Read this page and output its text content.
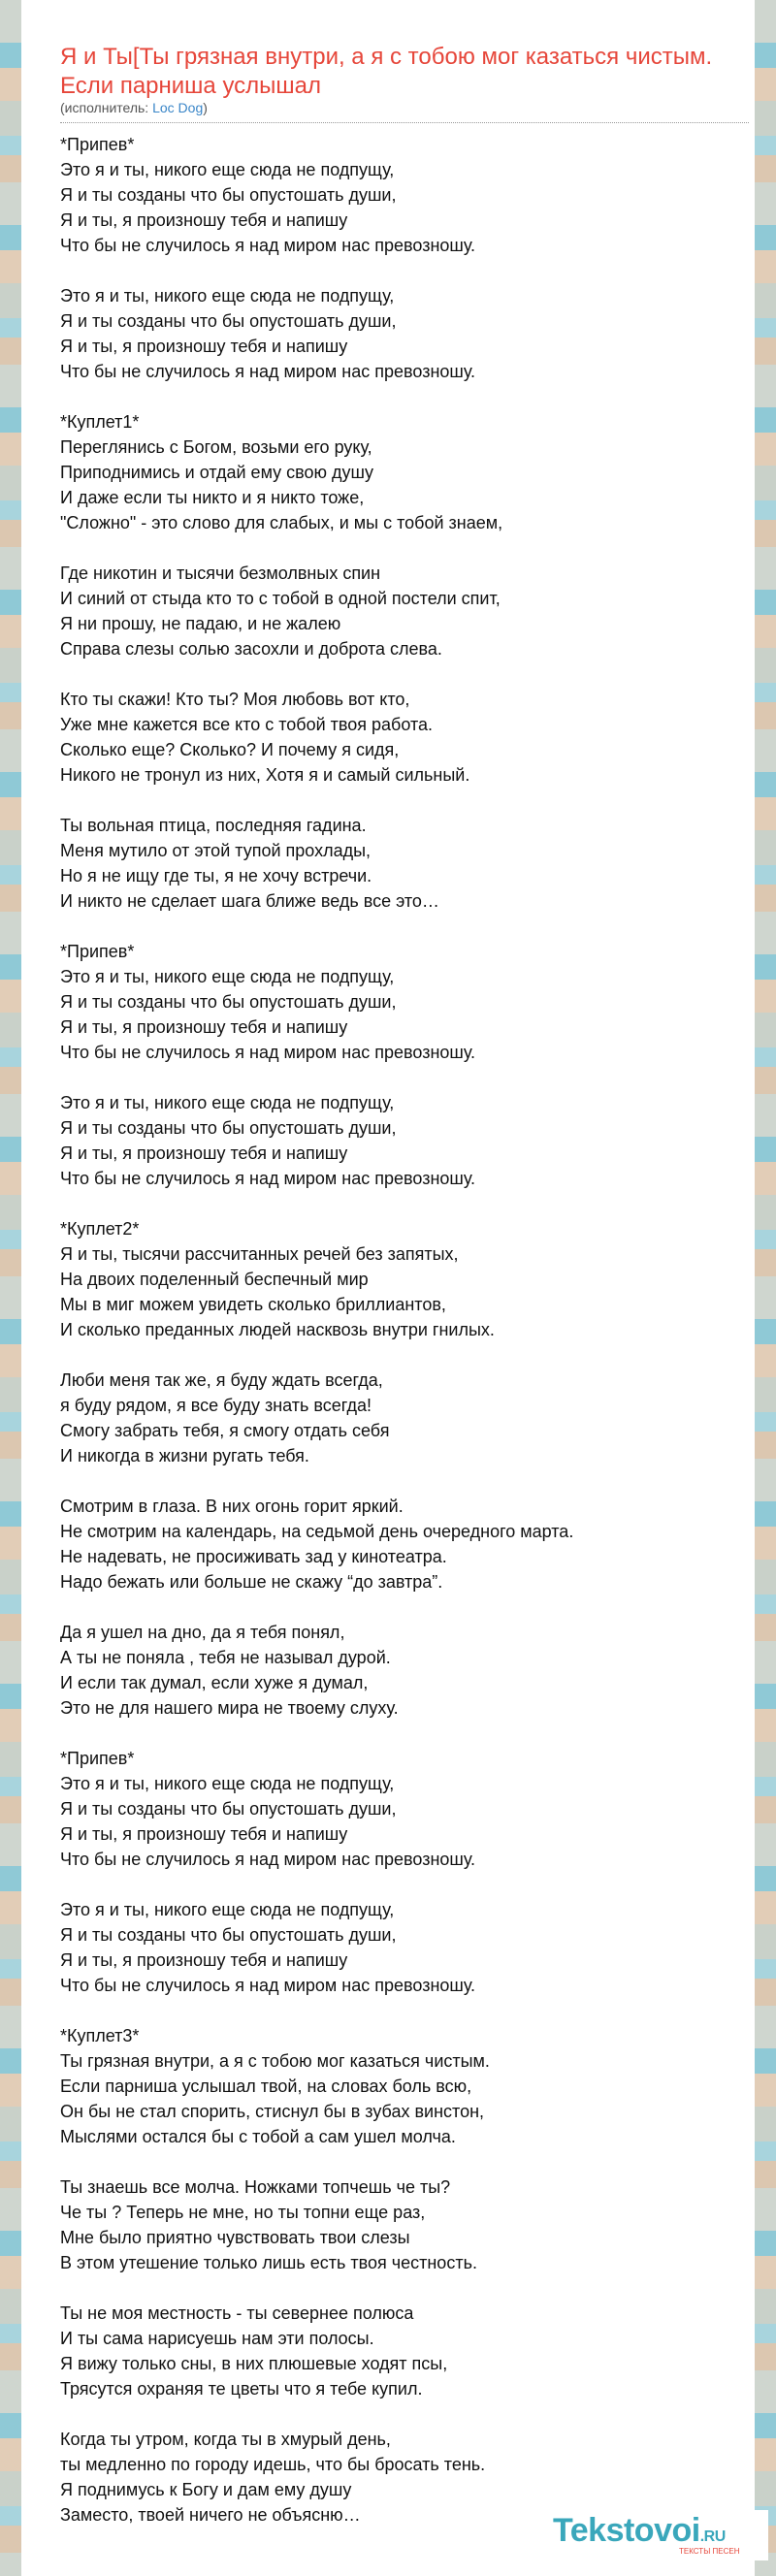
Я и Ты[Ты грязная внутри, а я с тобою мог казаться чистым. Если парниша услышал
(исполнитель: Loc Dog)
*Припев*
Это я и ты, никого еще сюда не подпущу,
Я и ты созданы что бы опустошать души,
Я и ты, я произношу тебя и напишу
Что бы не случилось я над миром нас превозношу.
Это я и ты, никого еще сюда не подпущу,
Я и ты созданы что бы опустошать души,
Я и ты, я произношу тебя и напишу
Что бы не случилось я над миром нас превозношу.
*Куплет1*
Переглянись с Богом, возьми его руку,
Приподнимись и отдай ему свою душу
И даже если ты никто и я никто тоже,
"Сложно" - это слово для слабых, и мы с тобой знаем,
Где никотин и тысячи безмолвных спин
И синий от стыда кто то с тобой в одной постели спит,
Я ни прошу, не падаю, и не жалею
Справа слезы солью засохли и доброта слева.
Кто ты скажи! Кто ты? Моя любовь вот кто,
Уже мне кажется все кто с тобой твоя работа.
Сколько еще? Сколько? И почему я сидя,
Никого не тронул из них, Хотя я и самый сильный.
Ты вольная птица, последняя гадина.
Меня мутило от этой тупой прохлады,
Но я не ищу где ты, я не хочу встречи.
И никто не сделает шага ближе ведь все это…
*Припев*
Это я и ты, никого еще сюда не подпущу,
Я и ты созданы что бы опустошать души,
Я и ты, я произношу тебя и напишу
Что бы не случилось я над миром нас превозношу.
Это я и ты, никого еще сюда не подпущу,
Я и ты созданы что бы опустошать души,
Я и ты, я произношу тебя и напишу
Что бы не случилось я над миром нас превозношу.
*Куплет2*
Я и ты, тысячи рассчитанных речей без запятых,
На двоих поделенный беспечный мир
Мы в миг можем увидеть сколько бриллиантов,
И сколько преданных людей насквозь внутри гнилых.
Люби меня так же, я буду ждать всегда,
я буду рядом, я все буду знать всегда!
Смогу забрать тебя, я смогу отдать себя
И никогда в жизни ругать тебя.
Смотрим в глаза. В них огонь горит яркий.
Не смотрим на календарь, на седьмой день очередного марта.
Не надевать, не просиживать зад у кинотеатра.
Надо бежать или больше не скажу “до завтра”.
Да я ушел на дно, да я тебя понял,
А ты не поняла , тебя не называл дурой.
И если так думал, если хуже я думал,
Это не для нашего мира не твоему слуху.
*Припев*
Это я и ты, никого еще сюда не подпущу,
Я и ты созданы что бы опустошать души,
Я и ты, я произношу тебя и напишу
Что бы не случилось я над миром нас превозношу.
Это я и ты, никого еще сюда не подпущу,
Я и ты созданы что бы опустошать души,
Я и ты, я произношу тебя и напишу
Что бы не случилось я над миром нас превозношу.
*Куплет3*
Ты грязная внутри, а я с тобою мог казаться чистым.
Если парниша услышал твой, на словах боль всю,
Он бы не стал спорить, стиснул бы в зубах винстон,
Мыслями остался бы с тобой а сам ушел молча.
Ты знаешь все молча. Ножками топчешь че ты?
Че ты ? Теперь не мне, но ты топни еще раз,
Мне было приятно чувствовать твои слезы
В этом утешение только лишь есть твоя честность.
Ты не моя местность - ты севернее полюса
И ты сама нарисуешь нам эти полосы.
Я вижу только сны, в них плюшевые ходят псы,
Трясутся охраняя те цветы что я тебе купил.
Когда ты утром, когда ты в хмурый день,
ты медленно по городу идешь, что бы бросать тень.
Я поднимусь к Богу и дам ему душу
Заместо, твоей ничего не объясню…	Tekstovoi.RU
ТЕКСТЫ ПЕСЕН
